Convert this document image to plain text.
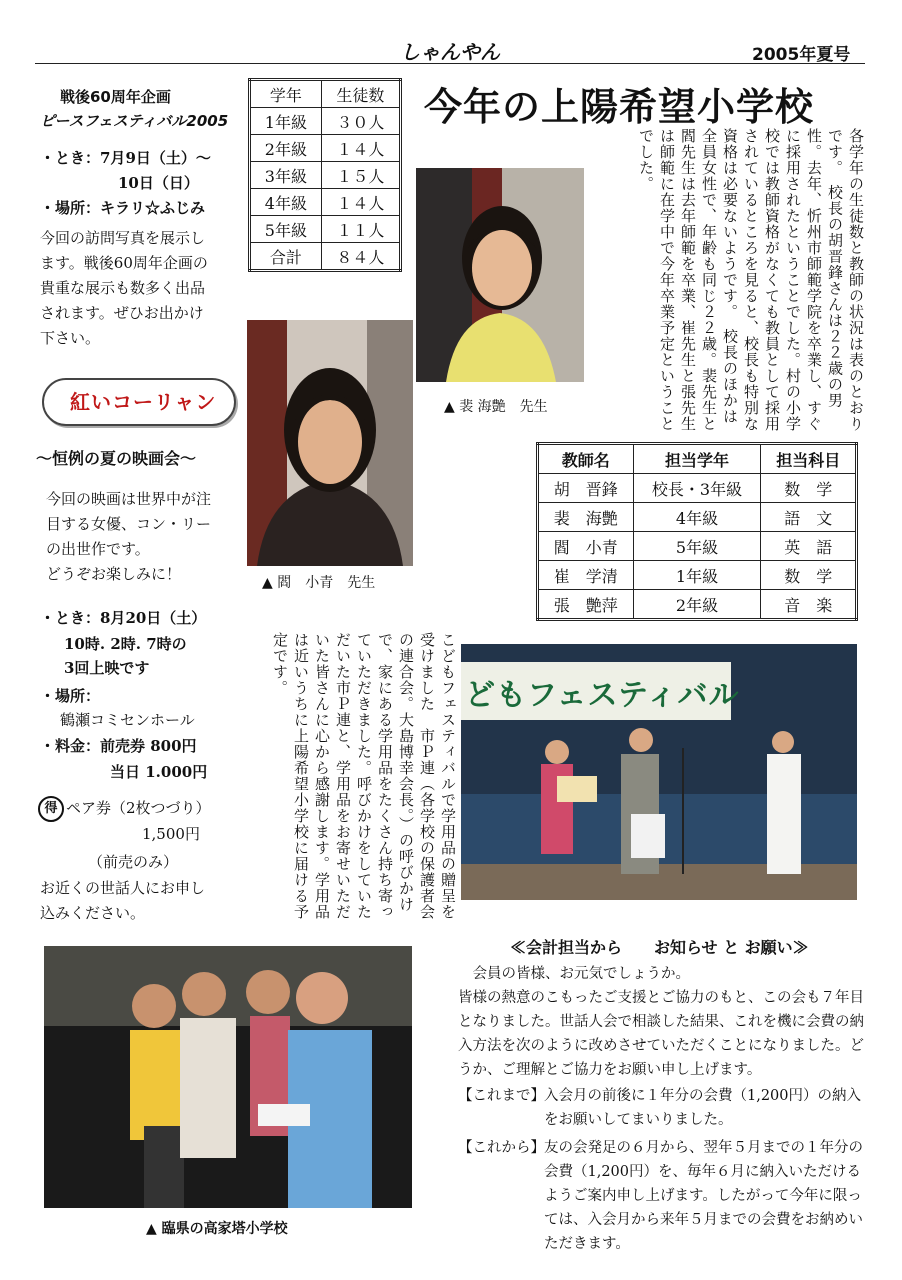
しゃんやん	2005年夏号
戦後60周年企画
ピースフェスティバル2005
・とき：7月9日（土）～
10日（日）
・場所：キラリ☆ふじみ
今回の訪問写真を展示し
ます。戦後60周年企画の
貴重な展示も数多く出品
されます。ぜひお出かけ
下さい。
紅いコーリャン
～恒例の夏の映画会～
今回の映画は世界中が注
目する女優、コン・リー
の出世作です。
どうぞお楽しみに！
・とき：8月20日（土）
10時. 2時. 7時の
3回上映です
・場所：
鶴瀬コミセンホール
・料金：前売券 800円
当日 1.000円
得 ペア券（2枚つづり）
1,500円
（前売のみ）
お近くの世話人にお申し
込みください。
学年	生徒数
1年級	３０人
2年級	１４人
3年級	１５人
4年級	１４人
5年級	１１人
合計	８４人
今年の上陽希望小学校
各学年の生徒数と教師の状況は表のとおりです。　校長の胡晋鋒さんは２２歳の男性。去年、忻州市師範学院を卒業し、すぐに採用されたということでした。村の小学校では教師資格がなくても教員として採用されているところを見ると、校長も特別な資格は必要ないようです。　校長のほかは全員女性で、年齢も同じ２２歳。裴先生と閻先生は去年師範を卒業、崔先生と張先生は師範に在学中で今年卒業予定ということでした。
▲ 裴 海艶　先生
▲ 閻　小青　先生
教師名	担当学年	担当科目
胡　晋鋒	校長・3年級	数　学
裴　海艶	4年級	語　文
閻　小青	5年級	英　語
崔　学清	1年級	数　学
張　艶萍	2年級	音　楽
こどもフェスティバルで学用品の贈呈を受けました　市Ｐ連（各学校の保護者会の連合会。大島博幸会長。）の呼びかけで、家にある学用品をたくさん持ち寄っていただきました。呼びかけをしていただいた市Ｐ連と、学用品をお寄せいただいた皆さんに心から感謝します。学用品は近いうちに上陽希望小学校に届ける予定です。	どもフェスティバル
▲ 臨県の高家塔小学校
≪会計担当から　　お知らせ と お願い≫
会員の皆様、お元気でしょうか。
皆様の熱意のこもったご支援とご協力のもと、この会も７年目となりました。世話人会で相談した結果、これを機に会費の納入方法を次のように改めさせていただくことになりました。どうか、ご理解とご協力をお願い申し上げます。
【これまで】 入会月の前後に１年分の会費（1,200円）の納入をお願いしてまいりました。
【これから】 友の会発足の６月から、翌年５月までの１年分の会費（1,200円）を、毎年６月に納入いただけるようご案内申し上げます。したがって今年に限っては、入会月から来年５月までの会費をお納めいただきます。
